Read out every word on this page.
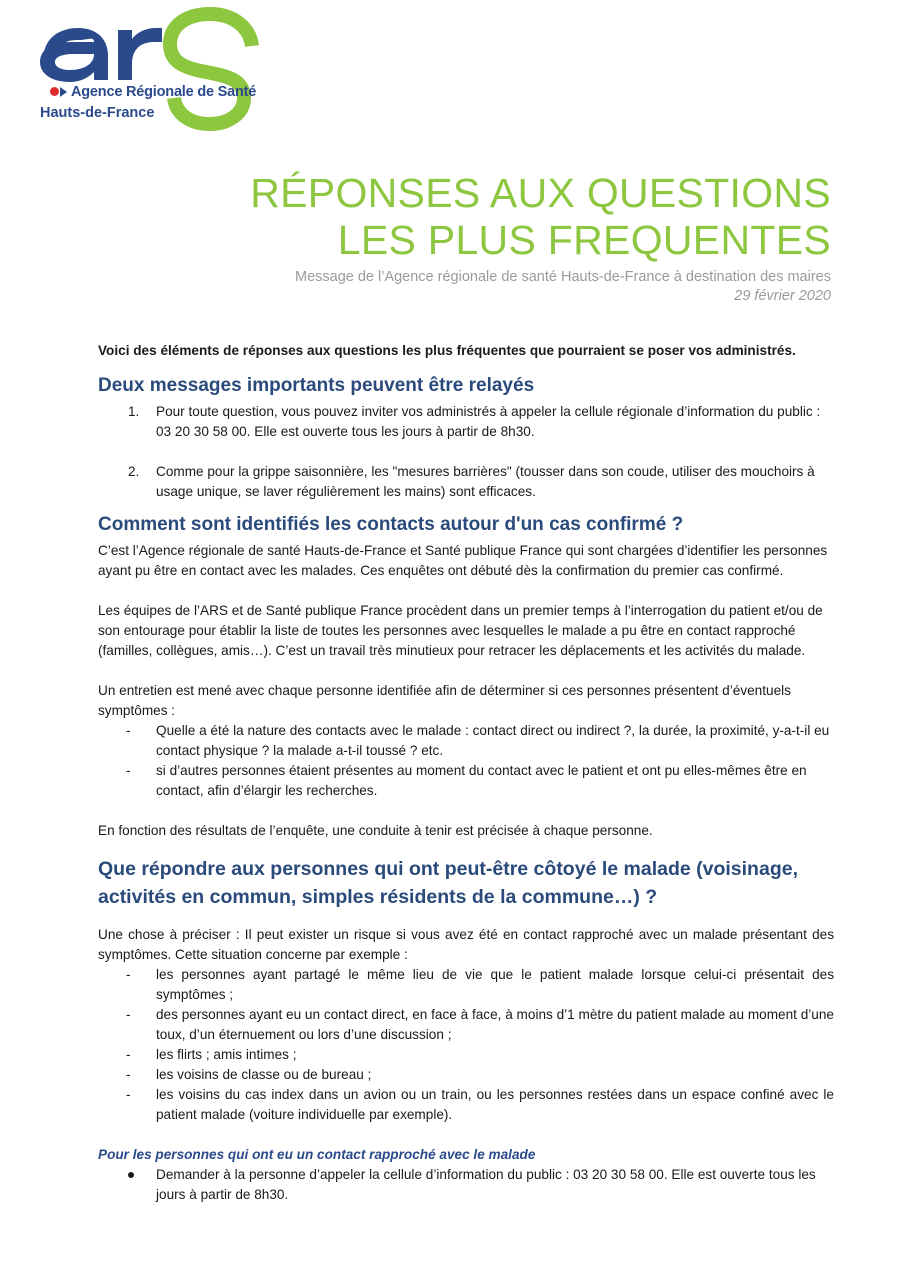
Agence Régionale de Santé
Hauts-de-France
RÉPONSES AUX QUESTIONS
LES PLUS FREQUENTES
Message de l’Agence régionale de santé Hauts-de-France à destination des maires
29 février 2020

Voici des éléments de réponses aux questions les plus fréquentes que pourraient se poser vos administrés.

Deux messages importants peuvent être relayés
1. Pour toute question, vous pouvez inviter vos administrés à appeler la cellule régionale d’information du public : 03 20 30 58 00. Elle est ouverte tous les jours à partir de 8h30.
2. Comme pour la grippe saisonnière, les "mesures barrières" (tousser dans son coude, utiliser des mouchoirs à usage unique, se laver régulièrement les mains) sont efficaces.
Comment sont identifiés les contacts autour d'un cas confirmé ?

C’est l’Agence régionale de santé Hauts-de-France et Santé publique France qui sont chargées d’identifier les personnes ayant pu être en contact avec les malades. Ces enquêtes ont débuté dès la confirmation du premier cas confirmé.

Les équipes de l’ARS et de Santé publique France procèdent dans un premier temps à l’interrogation du patient et/ou de son entourage pour établir la liste de toutes les personnes avec lesquelles le malade a pu être en contact rapproché (familles, collègues, amis…). C’est un travail très minutieux pour retracer les déplacements et les activités du malade.

Un entretien est mené avec chaque personne identifiée afin de déterminer si ces personnes présentent d’éventuels symptômes :

- Quelle a été la nature des contacts avec le malade : contact direct ou indirect ?, la durée, la proximité, y-a-t-il eu contact physique ? la malade a-t-il toussé ? etc.
- si d’autres personnes étaient présentes au moment du contact avec le patient et ont pu elles-mêmes être en contact, afin d’élargir les recherches.

En fonction des résultats de l’enquête, une conduite à tenir est précisée à chaque personne.

Que répondre aux personnes qui ont peut-être côtoyé le malade (voisinage, activités en commun, simples résidents de la commune…) ?

Une chose à préciser : Il peut exister un risque si vous avez été en contact rapproché avec un malade présentant des symptômes. Cette situation concerne par exemple :

- les personnes ayant partagé le même lieu de vie que le patient malade lorsque celui-ci présentait des symptômes ;
- des personnes ayant eu un contact direct, en face à face, à moins d’1 mètre du patient malade au moment d’une toux, d’un éternuement ou lors d’une discussion ;
- les flirts ; amis intimes ;
- les voisins de classe ou de bureau ;
- les voisins du cas index dans un avion ou un train, ou les personnes restées dans un espace confiné avec le patient malade (voiture individuelle par exemple).

Pour les personnes qui ont eu un contact rapproché avec le malade

Demander à la personne d’appeler la cellule d’information du public : 03 20 30 58 00. Elle est ouverte tous les jours à partir de 8h30.
